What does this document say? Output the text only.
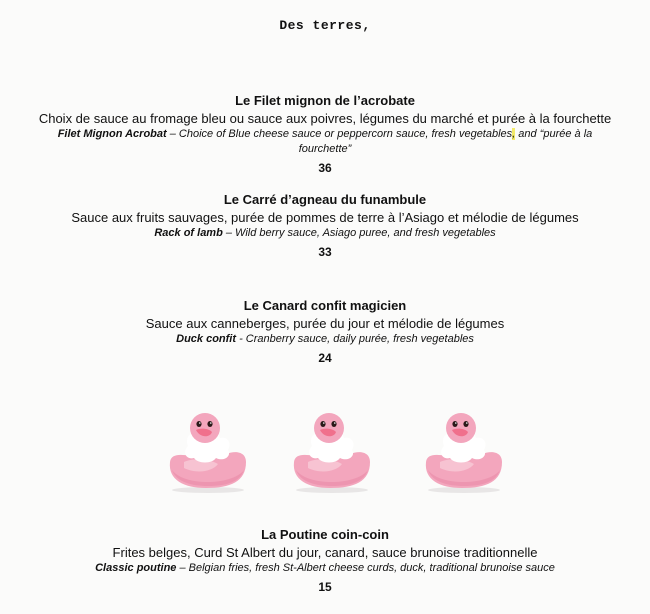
Des terres,
Le Filet mignon de l’acrobate
Choix de sauce au fromage bleu ou sauce aux poivres, légumes du marché et purée à la fourchette
Filet Mignon Acrobat – Choice of Blue cheese sauce or peppercorn sauce, fresh vegetables, and “purée à la fourchette”
36
Le Carré d’agneau du funambule
Sauce aux fruits sauvages, purée de pommes de terre à l’Asiago et mélodie de légumes
Rack of lamb – Wild berry sauce, Asiago puree, and fresh vegetables
33
Le Canard confit magicien
Sauce aux canneberges, purée du jour et mélodie de légumes
Duck confit - Cranberry sauce, daily purée, fresh vegetables
24
La Poutine coin-coin
Frites belges, Curd St Albert du jour, canard, sauce brunoise traditionnelle
Classic poutine – Belgian fries, fresh St-Albert cheese curds, duck, traditional brunoise sauce
15
